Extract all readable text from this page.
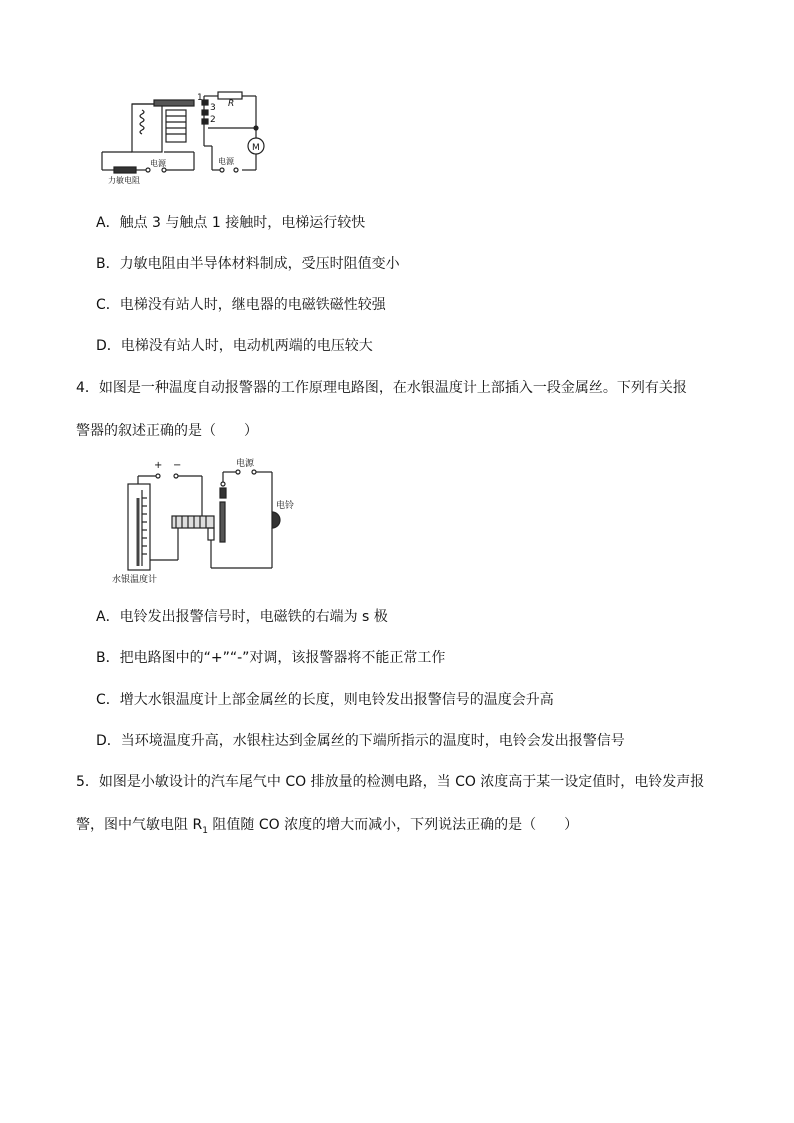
1
3
2
R
M
电源	电源
力敏电阻
A．触点 3 与触点 1 接触时，电梯运行较快
B．力敏电阻由半导体材料制成，受压时阻值变小
C．电梯没有站人时，继电器的电磁铁磁性较强
D．电梯没有站人时，电动机两端的电压较大
4．如图是一种温度自动报警器的工作原理电路图，在水银温度计上部插入一段金属丝。下列有关报
警器的叙述正确的是（　　）
+ −	电源
电铃
水银温度计
A．电铃发出报警信号时，电磁铁的右端为 s 极
B．把电路图中的“+”“-”对调，该报警器将不能正常工作
C．增大水银温度计上部金属丝的长度，则电铃发出报警信号的温度会升高
D．当环境温度升高，水银柱达到金属丝的下端所指示的温度时，电铃会发出报警信号
5．如图是小敏设计的汽车尾气中 CO 排放量的检测电路，当 CO 浓度高于某一设定值时，电铃发声报
警，图中气敏电阻 $R_1$ 阻值随 CO 浓度的增大而减小，下列说法正确的是（　　）
